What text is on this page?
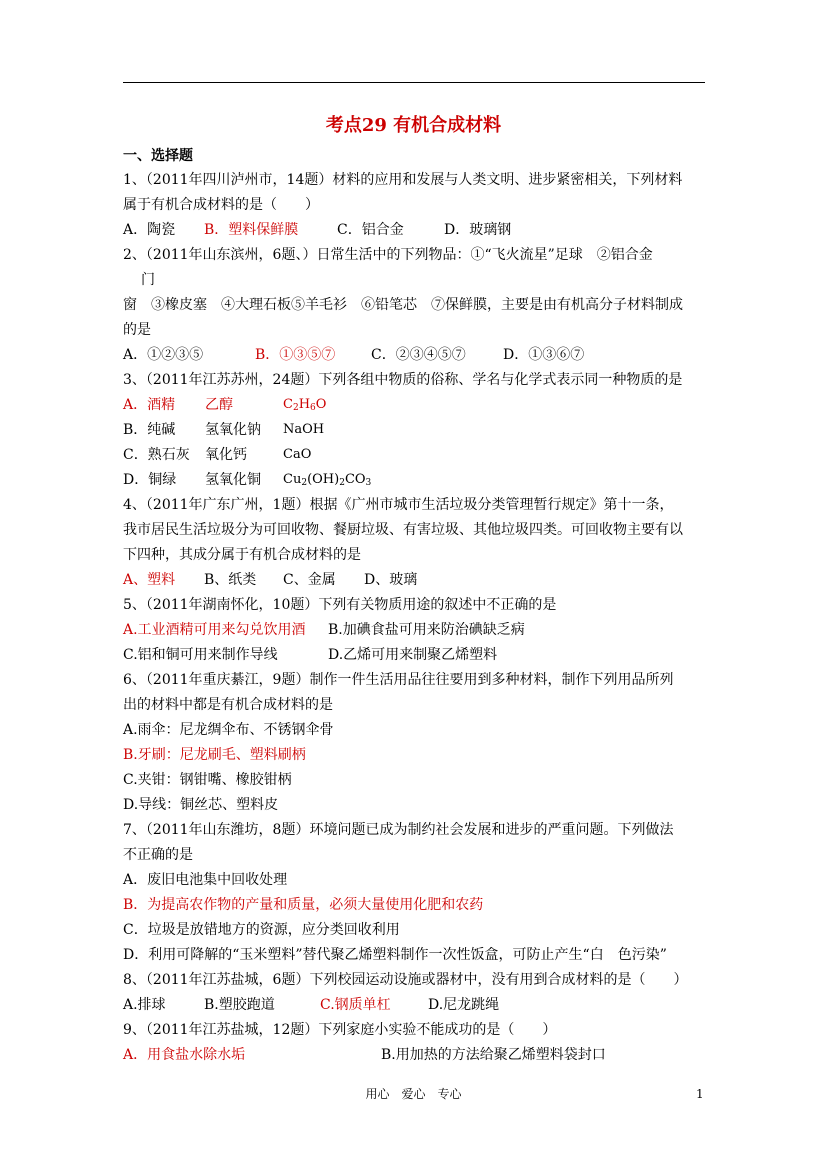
考点29 有机合成材料
一、选择题
1、（2011年四川泸州市，14题）材料的应用和发展与人类文明、进步紧密相关，下列材料
属于有机合成材料的是（　　）
A．陶瓷 B．塑料保鲜膜	C．铝合金	D．玻璃钢
2、（2011年山东滨州，6题、）日常生活中的下列物品：①“飞火流星”足球　②铝合金
门
窗　③橡皮塞　④大理石板⑤羊毛衫　⑥铅笔芯　⑦保鲜膜，主要是由有机高分子材料制成
的是
A．①②③⑤	B．①③⑤⑦	C．②③④⑤⑦	D．①③⑥⑦
3、（2011年江苏苏州，24题）下列各组中物质的俗称、学名与化学式表示同一种物质的是
A．酒精 乙醇	$C_2H_6O$
B．纯碱 氢氧化钠 NaOH
C．熟石灰 氧化钙	CaO
D．铜绿 氢氧化铜 $Cu_2(OH)_2CO_3$
4、（2011年广东广州，1题）根据《广州市城市生活垃圾分类管理暂行规定》第十一条，
我市居民生活垃圾分为可回收物、餐厨垃圾、有害垃圾、其他垃圾四类。可回收物主要有以
下四种，其成分属于有机合成材料的是
A、塑料 B、纸类 C、金属 D、玻璃
5、（2011年湖南怀化，10题）下列有关物质用途的叙述中不正确的是
A.工业酒精可用来勾兑饮用酒 B.加碘食盐可用来防治碘缺乏病
C.铝和铜可用来制作导线	D.乙烯可用来制聚乙烯塑料
6、（2011年重庆綦江，9题）制作一件生活用品往往要用到多种材料，制作下列用品所列
出的材料中都是有机合成材料的是
A.雨伞：尼龙绸伞布、不锈钢伞骨
B.牙刷：尼龙刷毛、塑料刷柄
C.夹钳：钢钳嘴、橡胶钳柄
D.导线：铜丝芯、塑料皮
7、（2011年山东潍坊，8题）环境问题已成为制约社会发展和进步的严重问题。下列做法
不正确的是
A．废旧电池集中回收处理
B．为提高农作物的产量和质量，必须大量使用化肥和农药
C．垃圾是放错地方的资源，应分类回收利用
D．利用可降解的“玉米塑料”替代聚乙烯塑料制作一次性饭盒，可防止产生“白　色污染”
8、（2011年江苏盐城，6题）下列校园运动设施或器材中，没有用到合成材料的是（　　）
A.排球	B.塑胶跑道	C.钢质单杠	D.尼龙跳绳
9、（2011年江苏盐城，12题）下列家庭小实验不能成功的是（　　）
A．用食盐水除水垢	B.用加热的方法给聚乙烯塑料袋封口
用心　爱心　专心	1
